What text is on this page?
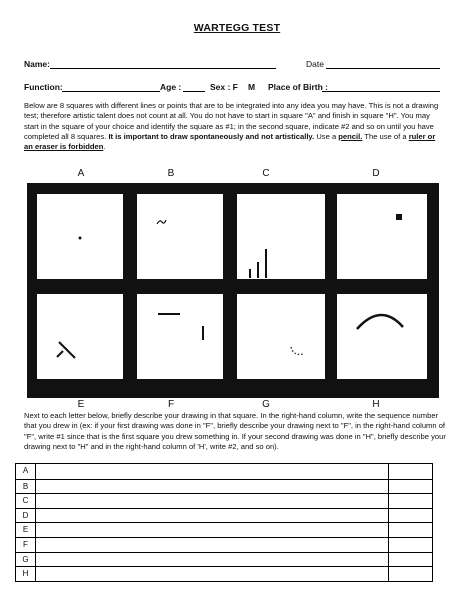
WARTEGG TEST
Name:	Date
Function:	Age :	Sex : F M Place of Birth :
Below are 8 squares with different lines or points that are to be integrated into any idea you may have. This is not a drawing test; therefore artistic talent does not count at all. You do not have to start in square "A" and finish in square "H". You may start in the square of your choice and identify the square as #1; in the second square, indicate #2 and so on until you have completed all 8 squares. It is important to draw spontaneously and not artistically. Use a pencil. The use of a ruler or an eraser is forbidden.
A	B	C	D
E	F	G	H
Next to each letter below, briefly describe your drawing in that square. In the right-hand column, write the sequence number that you drew in (ex: if your first drawing was done in "F", briefly describe your drawing next to "F", in the right-hand column of "F", write #1 since that is the first square you drew something in. If your second drawing was done in "H", briefly describe your drawing next to "H" and in the right-hand column of 'H', write #2, and so on).
A
B
C
D
E
F
G
H
